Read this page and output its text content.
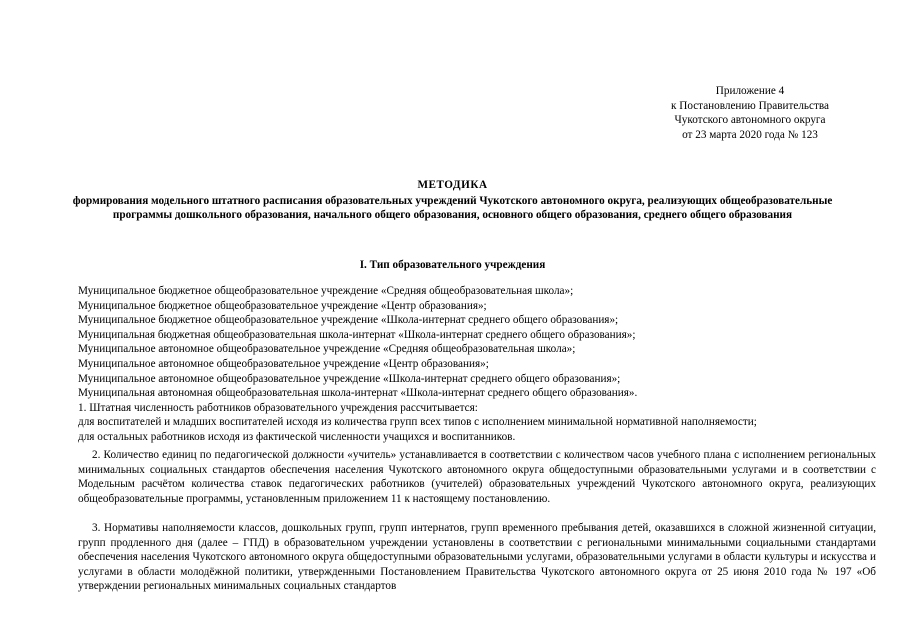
Приложение 4
к Постановлению Правительства
Чукотского автономного округа
от 23 марта 2020 года № 123
МЕТОДИКА
формирования модельного штатного расписания образовательных учреждений Чукотского автономного округа, реализующих общеобразовательные программы дошкольного образования, начального общего образования, основного общего образования, среднего общего образования
I. Тип образовательного учреждения
Муниципальное бюджетное общеобразовательное учреждение «Средняя общеобразовательная школа»;
Муниципальное бюджетное общеобразовательное учреждение «Центр образования»;
Муниципальное бюджетное общеобразовательное учреждение «Школа-интернат среднего общего образования»;
Муниципальная бюджетная общеобразовательная школа-интернат «Школа-интернат среднего общего образования»;
Муниципальное автономное общеобразовательное учреждение «Средняя общеобразовательная школа»;
Муниципальное автономное общеобразовательное учреждение «Центр образования»;
Муниципальное автономное общеобразовательное учреждение «Школа-интернат среднего общего образования»;
Муниципальная автономная общеобразовательная школа-интернат «Школа-интернат среднего общего образования».
1. Штатная численность работников образовательного учреждения рассчитывается:
для воспитателей и младших воспитателей исходя из количества групп всех типов с исполнением минимальной нормативной наполняемости;
для остальных работников исходя из фактической численности учащихся и воспитанников.
2. Количество единиц по педагогической должности «учитель» устанавливается в соответствии с количеством часов учебного плана с исполнением региональных минимальных социальных стандартов обеспечения населения Чукотского автономного округа общедоступными образовательными услугами и в соответствии с Модельным расчётом количества ставок педагогических работников (учителей) образовательных учреждений Чукотского автономного округа, реализующих общеобразовательные программы, установленным приложением 11 к настоящему постановлению.
3. Нормативы наполняемости классов, дошкольных групп, групп интернатов, групп временного пребывания детей, оказавшихся в сложной жизненной ситуации, групп продленного дня (далее – ГПД) в образовательном учреждении установлены в соответствии с региональными минимальными социальными стандартами обеспечения населения Чукотского автономного округа общедоступными образовательными услугами, образовательными услугами в области культуры и искусства и услугами в области молодёжной политики, утвержденными Постановлением Правительства Чукотского автономного округа от 25 июня 2010 года № 197 «Об утверждении региональных минимальных социальных стандартов
